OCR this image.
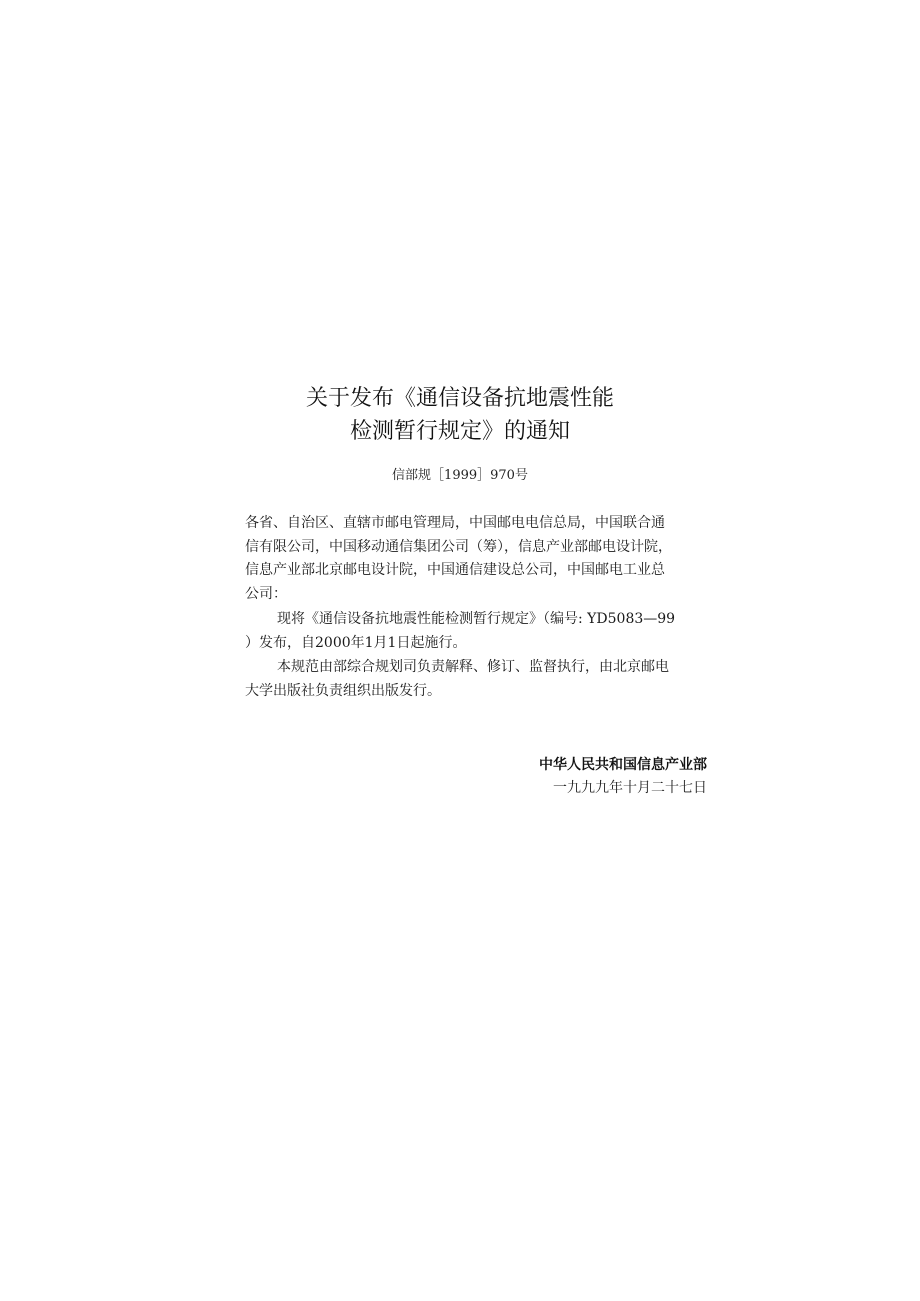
关于发布《通信设备抗地震性能
检测暂行规定》的通知
信部规［1999］970号
各省、自治区、直辖市邮电管理局，中国邮电电信总局，中国联合通
信有限公司，中国移动通信集团公司（筹），信息产业部邮电设计院，
信息产业部北京邮电设计院，中国通信建设总公司，中国邮电工业总
公司：
现将《通信设备抗地震性能检测暂行规定》（编号: YD5083—99
）发布，自2000年1月1日起施行。
本规范由部综合规划司负责解释、修订、监督执行，由北京邮电
大学出版社负责组织出版发行。
中华人民共和国信息产业部
一九九九年十月二十七日
